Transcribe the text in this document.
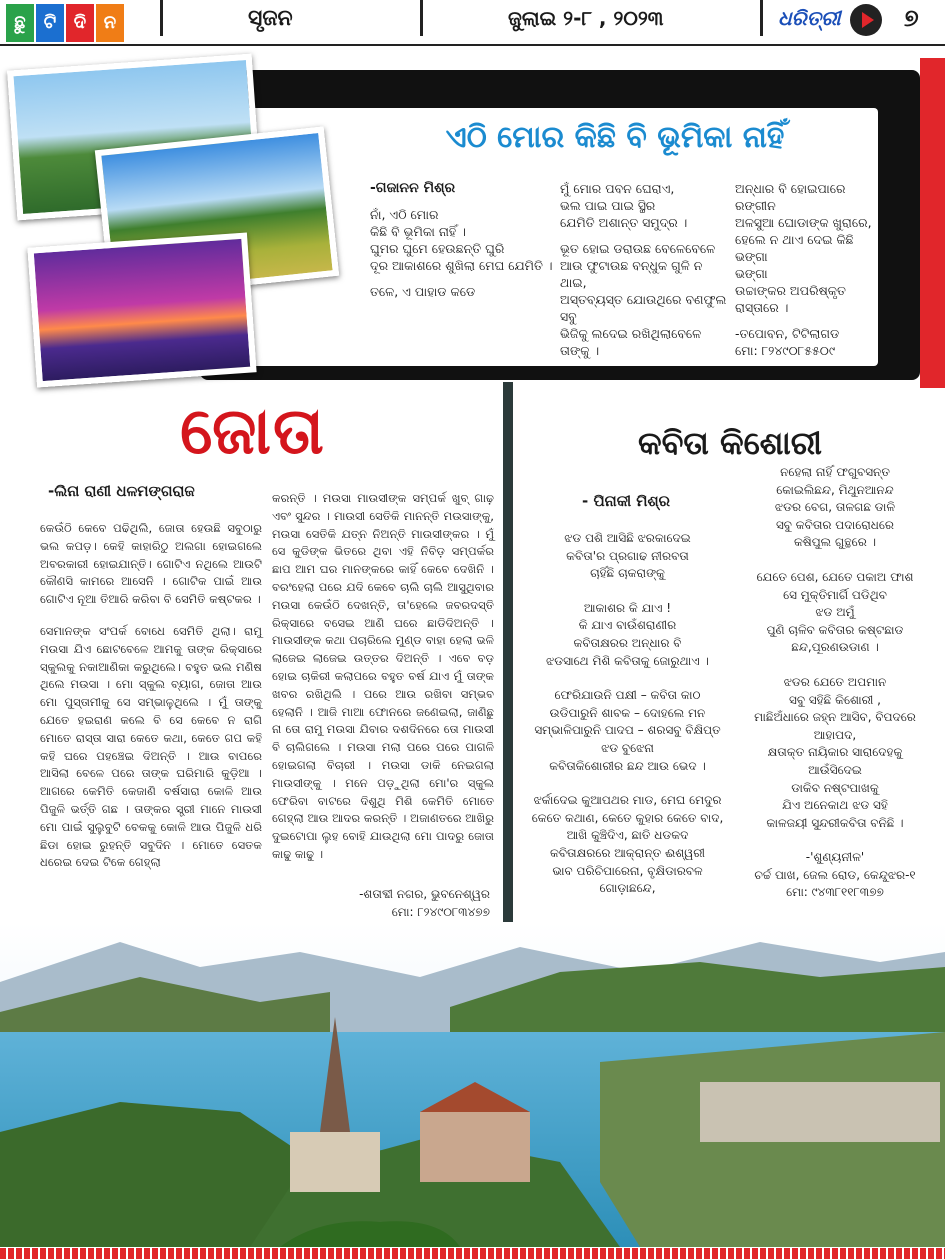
ଛୁ	ଟି ଦି ନ	ସୃଜନ	ଜୁଲାଇ ୨-୮ , ୨୦୨୩	ଧରିତ୍ରୀ	୭
ଏଠି ମୋର କିଛି ବି ଭୂମିକା ନାହିଁ

-ଗଜାନନ ମିଶ୍ର

ନାଁ, ଏଠି ମୋର
କିଛି ବି ଭୂମିକା ନାହିଁ ।
ଘୁମର ଘୁମେ ହେଉଛନ୍ତି ଘୁରି
ଦୂର ଆକାଶରେ ଶୁଖିଲା ମେଘ ଯେମିତି ।

ତଳେ, ଏ ପାହାଡ କଡେ

ମୁଁ ମୋର ପବନ ଘେରାଏ,
ଭଲ ପାଇ ପାଇ ସ୍ଥିର
ଯେମିତି ଅଶାନ୍ତ ସମୁଦ୍ର ।

ଭୂତ ହୋଇ ଡରାଉଛ ବେଳେବେଳେ
ଆଉ ଫୁଟାଉଛ ବନ୍ଧୁକ ଗୁଳି ନ ଥାଇ,
ଅସ୍ତବ୍ୟସ୍ତ ଯୋଉଥିରେ ବଣଫୁଲ ସବୁ
ଭିଜିକୁ ଲଦେଇ ରଖିଥିଲାବେଳେ
ତାଙ୍କୁ ।

ଅନ୍ଧାର ବି ହୋଇପାରେ ରଙ୍ଗୀନ
ଅଳସୁଆ ଘୋଡାଙ୍କ ଖୁରାରେ,
ହେଲେ ନ ଥାଏ ଦେଇ କିଛି ଭଙ୍ଗା
ଭଙ୍ଗା
ଉଚ୍ଚାଙ୍କର ଅପରିଷ୍କୃତ ରାସ୍ତାରେ ।

-ତପୋବନ, ଟିଟିଲାଗଡ
ମୋ: ୮୨୪୯୦୮୫୫୦୯

ଜୋତା
-ଲିନା ରାଣୀ ଧଳମଙ୍ଗରାଜ

କେଉଁଠି କେବେ ପଢିଥିଲି, ଜୋତା ହେଉଛି ସବୁଠାରୁ ଭଲ କପଡ଼। କେହି କାହାରିଠୁ ଅଲଗା ହୋଇଗଲେ ଅବରକାରୀ ହୋଇଯାନ୍ତି। ଗୋଟିଏ ନଥିଲେ ଆଉଟି କୌଣସି କାମରେ ଆସେନି । ଗୋଟିକ ପାଇଁ ଆଉ ଗୋଟିଏ ନୂଆ ତିଆରି କରିବା ବି ସେମିତି କଷ୍ଟକର ।

ସେମାନଙ୍କ ସଂପର୍କ ବୋଧେ ସେମିତି ଥିଲା। ରାମୁ ମଉସା ଯିଏ ଛୋଟବେଳେ ଆମକୁ ତାଙ୍କ ରିକ୍ସାରେ ସ୍କୁଲକୁ ନକାଆଣିକା କରୁଥିଲେ। ବହୁତ ଭଲ ମଣିଷ ଥିଲେ ମଉସା । ମୋ ସ୍କୁଲ ବ୍ୟାଗ, ଜୋତା ଆଉ ମୋ ପୁସ୍ତାମୀକୁ ସେ ସମ୍ଭାଳୁଥିଲେ । ମୁଁ ତାଙ୍କୁ ଯେତେ ହଇରାଣ କଲେ ବି ସେ କେବେ ନ ରାଗି ମୋତେ ରାସ୍ତା ସାରା କେତେ କଥା, କେତେ ଗପ କହି କହି ଘରେ ପହଞ୍ଚେଇ ଦିଅନ୍ତି । ଆଉ ବାପରେ ଆସିଲା ବେଳେ ପରେ ତାଙ୍କ ଘରିମାରି କୁଡ଼ିଆ । ଆଗରେ କେମିତି କେଜାଣି ବର୍ଷସାରା କୋଳି ଆଉ ପିଜୁଳି ଭର୍ତ୍ତି ଗଛ । ତାଙ୍କର ସ୍ତ୍ରୀ ମାନେ ମାଉସୀ ମୋ ପାଇଁ ସୁଲୁବୁଟି ବେକକୁ କୋଳି ଆଉ ପିଜୁଳି ଧରି ଛିଡା ହୋଇ ରୁହନ୍ତି ସବୁଦିନ । ମୋତେ ସେତକ ଧରେଇ ଦେଇ ଟିକେ ଗେହ୍ଲା

କରନ୍ତି । ମଉସା ମାଉସୀଙ୍କ ସମ୍ପର୍କ ଖୁବ୍ ଗାଢ଼ ଏବଂ ସୁନ୍ଦର । ମାଉସୀ ସେତିକି ମାନନ୍ତି ମଉସାଙ୍କୁ, ମଉସା ସେତିକି ଯତ୍ନ ନିଅନ୍ତି ମାଉସୀଙ୍କର । ମୁଁ ସେ କୁଡିଙ୍କ ଭିତରେ ଥିବା ଏହି ନିବିଡ଼ ସମ୍ପର୍କର ଛାପ ଆମ ଘର ମାନଙ୍କରେ କାହିଁ କେବେ ଦେଖିନି । ବରଂହେଲା ପରେ ଯଦି କେବେ ଚାଲି ଚାଲି ଆସୁଥିବାର ମଉସା କେଉଁଠି ଦେଖନ୍ତି, ତା'ହେଲେ ଜବରଦସ୍ତି ରିକ୍ସାରେ ବସେଇ ଆଣି ଘରେ ଛାଡିଦିଅନ୍ତି । ମାଉସୀଙ୍କ କଥା ପଚାରିଲେ ମୁଣ୍ଡ ବାହା ହେଲା ଭଳି ଲାଜେଇ ଲାଜେଇ ଉତ୍ତର ଦିଅନ୍ତି । ଏବେ ବଡ଼ ହୋଇ ଚାକିରୀ କଲାପରେ ବହୁତ ବର୍ଷ ଯାଏ ମୁଁ ତାଙ୍କ ଖବର ରଖିଥିଲି । ପରେ ଆଉ ରଖିବା ସମ୍ଭବ ହେଲାନି । ଆଜି ମାଆ ଫୋନରେ ଜଣେଇଲା, ଜାଣିଛୁ ନା ତୋ ରାମୁ ମଉସା ଯିବାର ଦଶଦିନରେ ତୋ ମାଉସୀ ବି ଚାଲିଗଲେ । ମଉସା ମଲା ପରେ ପରେ ପାଗଳି ହୋଇଗଲା ବିଚାରୀ । ମଉସା ଡାକି ନେଇଗଲା ମାଉସୀଙ୍କୁ । ମନେ ପଡ଼ୁଥିଲା ମୋ'ର ସ୍କୁଲ ଫେରିବା ବାଟରେ ଦିଶୁଥି ମିଶି କେମିତି ମୋତେ ଗେହ୍ଲା ଆଉ ଆଦର କରନ୍ତି । ଅଜାଣତରେ ଆଖିରୁ ଦୁଇଟୋପା ଲୁହ ବୋହି ଯାଉଥିଲା ମୋ ପାଦରୁ ଜୋତା କାଢୁ କାଢୁ ।

-ଶତାବ୍ଦୀ ନଗର, ଭୁବନେଶ୍ୱର
ମୋ: ୮୨୪୯୦୮୩୪୭୭
କବିତା କିଶୋରୀ
- ପିନାକୀ ମିଶ୍ର

ଝଡ ପଶି ଆସିଛି ଝରକାଦେଇ
କବିତା'ର ପ୍ରଗାଢ ନୀରବତା
ଚାହିଁଛି ଚାକରାଙ୍କୁ

ଆକାଶର କି ଯାଏ !
କି ଯାଏ ବାଉଁଶରାଣୀର
କବିତାକ୍ଷରର ଅନ୍ଧାର ବି
ଝଡସାଥେ ମିଶି କବିତାକୁ ଜୋରୁଥାଏ ।

ଫେରିଯାଉନି ପକ୍ଷୀ – କବିତା କାଠ
ଉଡିପାରୁନି ଶାବକ – ଦୋହଲେ ମନ
ସମ୍ଭାଳିପାରୁନି ପାଦପ – ଶରସବୁ ବିକ୍ଷିପ୍ତ
ଝଡ ବୁଝେନା
କବିତାକିଶୋରୀର ଛନ୍ଦ ଆଉ ଭେଦ ।

ଝର୍କାଦେଇ କୁଆପଥର ମାଡ, ମେଘ ମେଦୁର
କେତେ କଥାଣ, କେତେ କୁହାର କେତେ ବାଦ,
ଆଖି କୁଞ୍ଚିଦିଏ, ଛାତି ଧଡକଦ
କବିତାକ୍ଷରରେ ଆକ୍ରାନ୍ତ ଈଶ୍ୱରୀ
ଭାବ ପରିଚିପାରେନା, ବୃକ୍ଷିଡାରବଳ
ଗୋଡ଼ାଛନ୍ଦେ,

ନହେଲା ନାହିଁ ଫଗୁବସନ୍ତ
କୋଇଲିଛନ୍ଦ, ମିଥୁନଆନନ୍ଦ
ଝଡର ବେଗ, ତାଳଗଛ ଡାଳି
ସବୁ କବିତାର ପଦାରୋଧରେ
କଷିପୁଲ ଗୁନ୍ଥରେ ।

ଯେତେ ପେଶ, ଯେତେ ପକାଅ ଫାଶ
ସେ ମୁକ୍ତିମାର୍ଗି ପଡିଥିବ
ଝଡ ଅମୁଁ
ପୁଣି ଚାଳିବ କବିତାର କଷ୍ଟଛାଡ
ଛନ୍ଦ,ପୂରଣଉଡାଣ ।

ଝଡର ଯେତେ ଅପମାନ
ସବୁ ସହିଛି କିଶୋରୀ ,
ମାଛିଅଁଧାରେ ଜହ୍ନ ଆସିବ, ବିପଦରେ
ଆହାପଦ,
କ୍ଷତାକ୍ତ ନାୟିକାର ସାରାଦେହକୁ
ଆଉଁସିଦେଇ
ଡାକିବ ନଷ୍ଟପାଖକୁ
ଯିଏ ଅନେକାଥ ଝଡ ସହି
କାଳଜୟୀ ସୁନ୍ଦରୀକବିତା ବନିଛି ।

-'ଶୁଣ୍ୟନୀଳ'
ଚର୍ଚ୍ଚ ପାଖ, ଜେଲ ରୋଡ, କେନ୍ଦୁଝର-୧
ମୋ: ୯୪୩୮୧୧୮୩୭୭
